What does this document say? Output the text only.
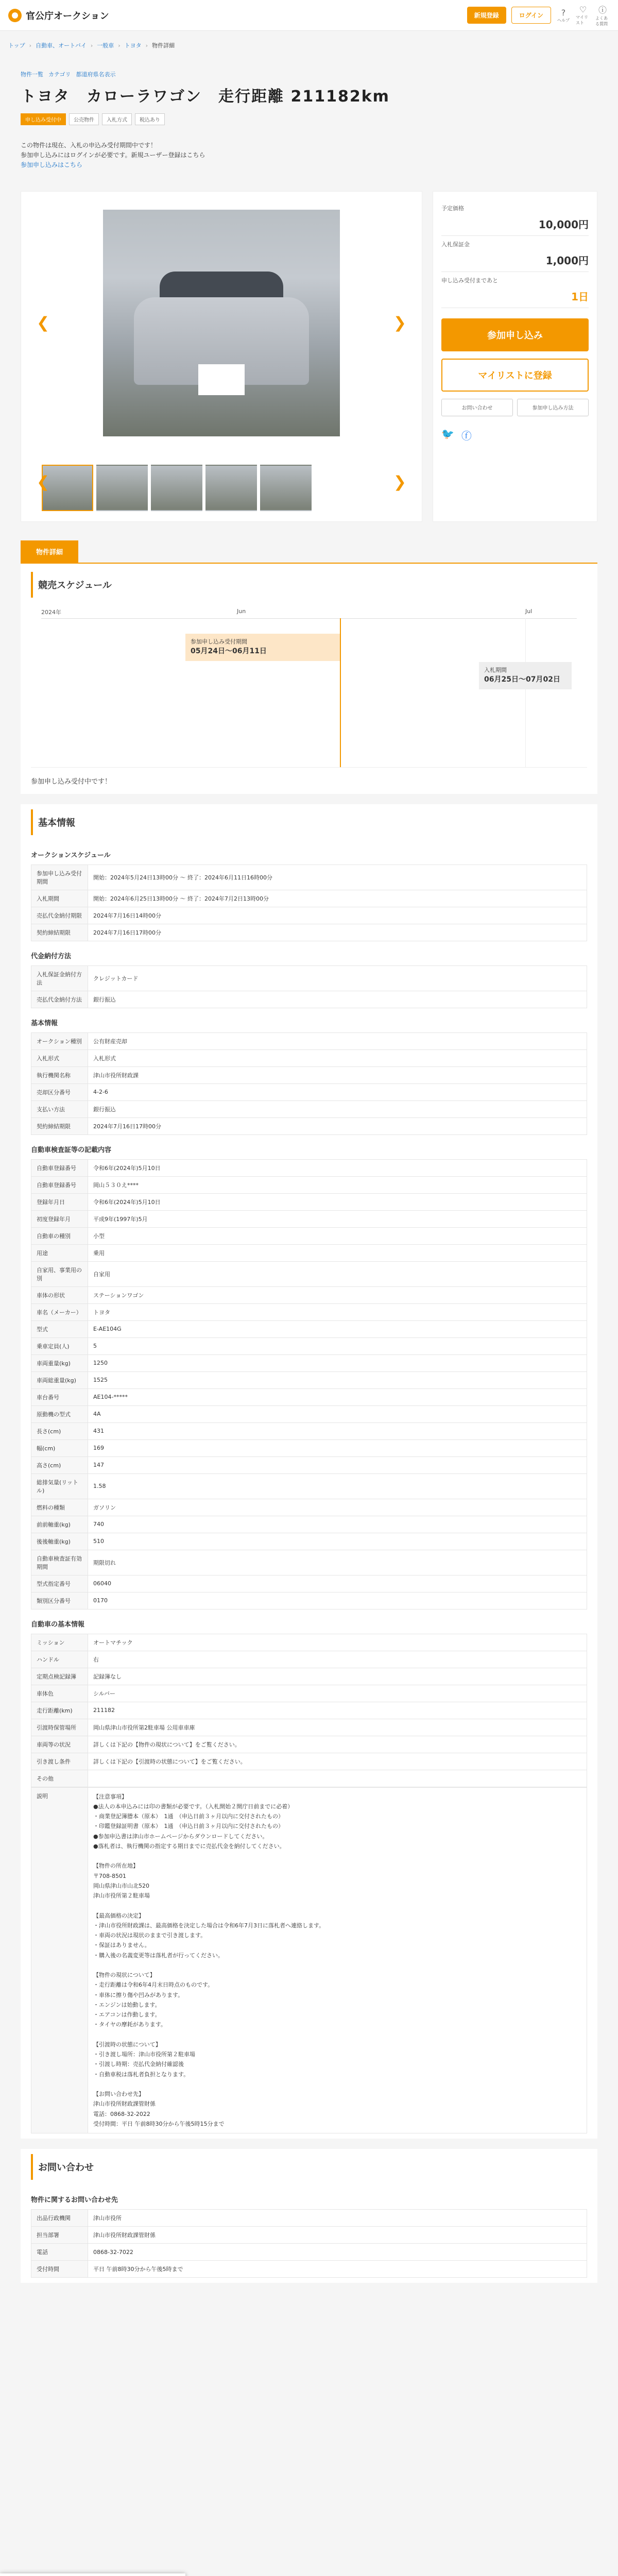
官公庁オークション	新規登録	ログイン	?
ヘルプ
♡
マイリスト
ⓘ
よくある質問
トップ › 自動車、オートバイ › 一般車 › トヨタ › 物件詳細
物件一覧 カテゴリ 都道府県名表示
トヨタ　カローラワゴン　走行距離 211182km
申し込み受付中	公売物件	入札方式	税込あり
この物件は現在、入札の申込み受付期間中です！
参加申し込みにはログインが必要です。新規ユーザー登録はこちら
参加申し込みはこちら
❮	❯
❮	❯
予定価格
10,000円
入札保証金
1,000円
申し込み受付まであと
1日
参加申し込み マイリストに登録
お問い合わせ	参加申し込み方法
🐦 ⓕ
物件詳細
競売スケジュール
2024年	Jun	Jul
参加申し込み受付期間
05月24日～06月11日
入札期間
06月25日～07月02日
参加申し込み受付中です！
基本情報
オークションスケジュール
参加申し込み受付期間	開始：2024年5月24日13時00分 ～ 終了：2024年6月11日16時00分
入札期間	開始：2024年6月25日13時00分 ～ 終了：2024年7月2日13時00分
売払代金納付期限	2024年7月16日14時00分
契約締結期限	2024年7月16日17時00分
代金納付方法
入札保証金納付方法	クレジットカード
売払代金納付方法	銀行振込
基本情報
オークション種別	公有財産売却
入札形式	入札形式
執行機関名称	津山市役所財政課
売却区分番号	4-2-6
支払い方法	銀行振込
契約締結期限	2024年7月16日17時00分
自動車検査証等の記載内容
自動車登録番号	令和6年(2024年)5月10日
自動車登録番号	岡山５３０え****
登録年月日	令和6年(2024年)5月10日
初度登録年月	平成9年(1997年)5月
自動車の種別	小型
用途	乗用
自家用、事業用の別	自家用
車体の形状	ステーションワゴン
車名（メーカー）	トヨタ
型式	E-AE104G
乗車定員(人)	5
車両重量(kg)	1250
車両総重量(kg)	1525
車台番号	AE104-*****
原動機の型式	4A
長さ(cm)	431
幅(cm)	169
高さ(cm)	147
総排気量(リットル)	1.58
燃料の種類	ガソリン
前前軸重(kg)	740
後後軸重(kg)	510
自動車検査証有効期間	期限切れ
型式指定番号	06040
類別区分番号	0170
自動車の基本情報
ミッション	オートマチック
ハンドル	右
定期点検記録簿	記録簿なし
車体色	シルバー
走行距離(km)	211182
引渡時保管場所	岡山県津山市役所第2駐車場 公用車車庫
車両等の状況	詳しくは下記の【物件の現状について】をご覧ください。
引き渡し条件	詳しくは下記の【引渡時の状態について】をご覧ください。
その他	
説明	【注意事項】
●法人の本申込みには印の書類が必要です。（入札開始２開庁日前までに必着）
・商業登記簿謄本（原本）　1通　（申込日前３ヶ月以内に交付されたもの）
・印鑑登録証明書（原本）　1通　（申込日前３ヶ月以内に交付されたもの）
●参加申込書は津山市ホームページからダウンロードしてください。
●落札者は、執行機関の指定する期日までに売払代金を納付してください。

【物件の所在地】
〒708-8501
岡山県津山市山北520
津山市役所第２駐車場

【最高価格の決定】
・津山市役所財政課は、最高価格を決定した場合は令和6年7月3日に落札者へ連絡します。
・車両の状況は現状のままで引き渡します。
・保証はありません。
・購入後の名義変更等は落札者が行ってください。

【物件の現状について】
・走行距離は令和6年4月末日時点のものです。
・車体に擦り傷や凹みがあります。
・エンジンは始動します。
・エアコンは作動します。
・タイヤの摩耗があります。

【引渡時の状態について】
・引き渡し場所：津山市役所第２駐車場
・引渡し時期：売払代金納付確認後
・自動車税は落札者負担となります。

【お問い合わせ先】
津山市役所財政課管財係
電話：0868-32-2022
受付時間：平日 午前8時30分から午後5時15分まで
お問い合わせ
物件に関するお問い合わせ先
出品行政機関	津山市役所
担当部署	津山市役所財政課管財係
電話	0868-32-7022
受付時間	平日 午前8時30分から午後5時まで
